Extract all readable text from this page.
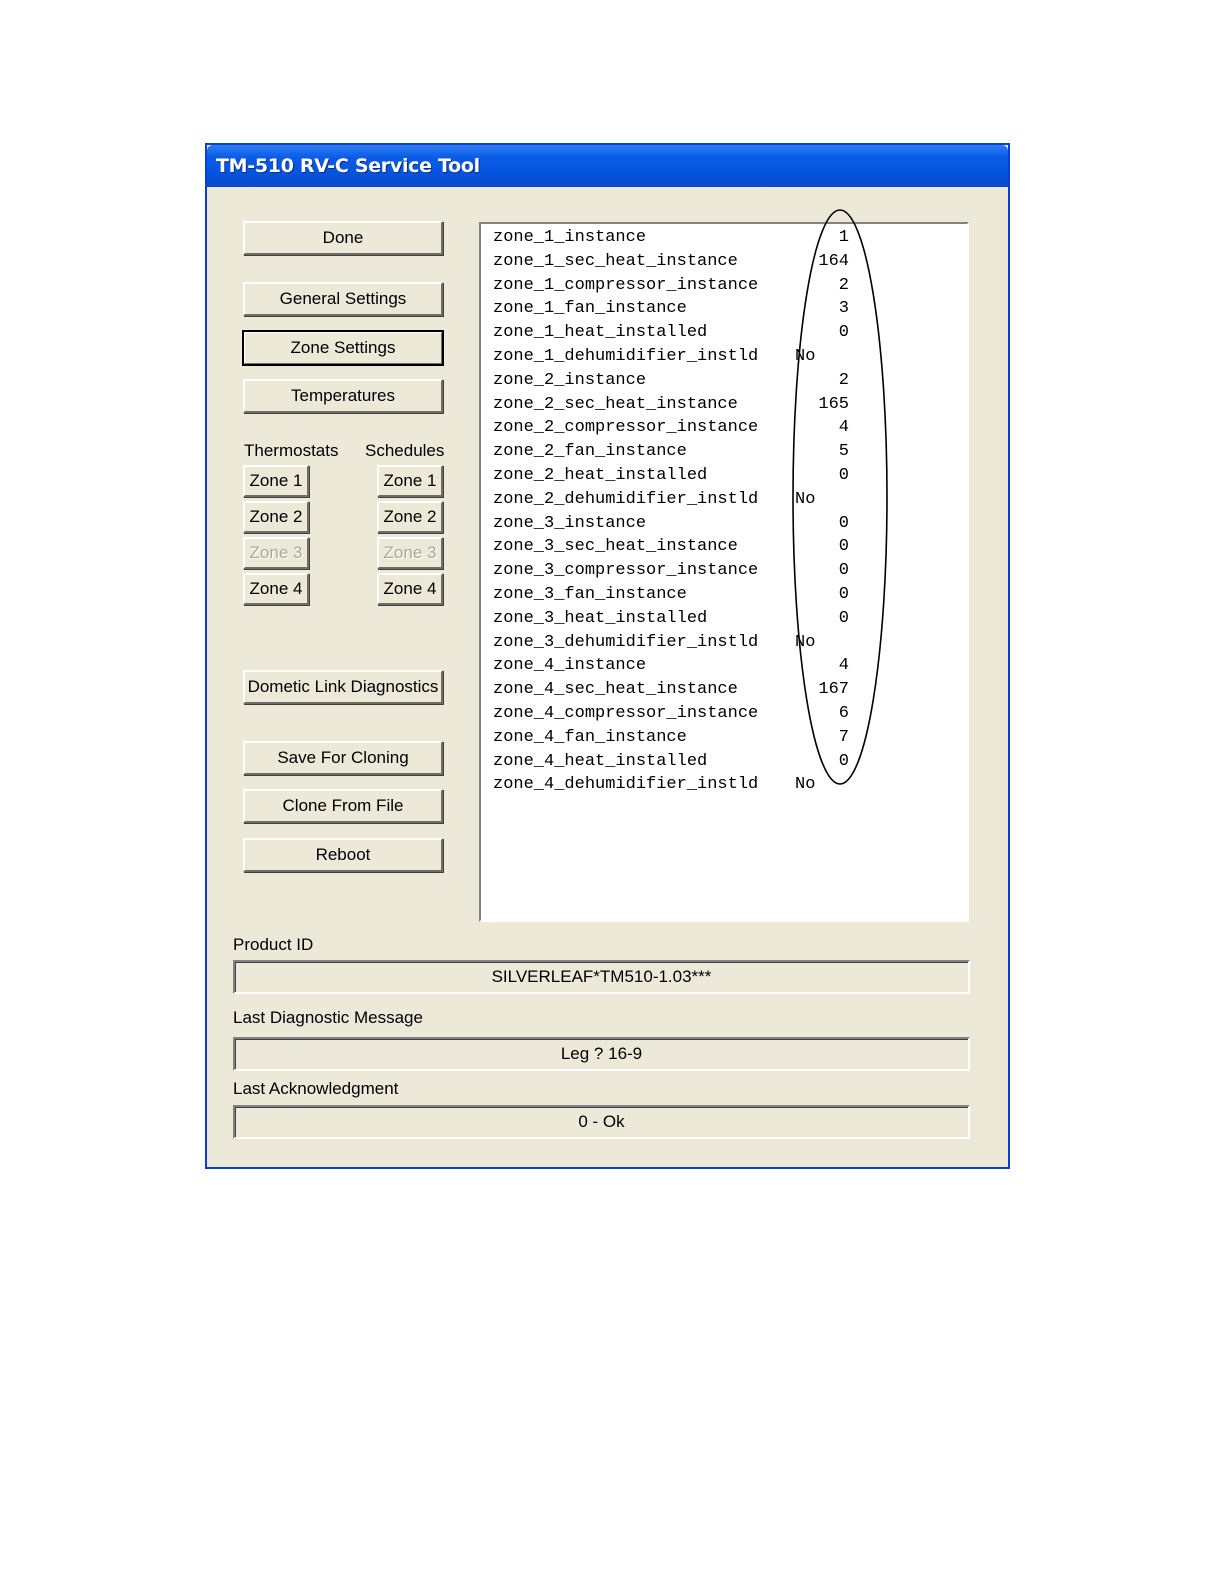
TM-510 RV-C Service Tool
Done
General Settings
Zone Settings
Temperatures
Thermostats Schedules
Zone 1
Zone 2
Zone 3
Zone 4
Zone 1
Zone 2
Zone 3
Zone 4
Dometic Link Diagnostics
Save For Cloning
Clone From File
Reboot
zone_1_instance	1
zone_1_sec_heat_instance	164
zone_1_compressor_instance	2
zone_1_fan_instance	3
zone_1_heat_installed	0
zone_1_dehumidifier_instld No
zone_2_instance	2
zone_2_sec_heat_instance	165
zone_2_compressor_instance	4
zone_2_fan_instance	5
zone_2_heat_installed	0
zone_2_dehumidifier_instld No
zone_3_instance	0
zone_3_sec_heat_instance	0
zone_3_compressor_instance	0
zone_3_fan_instance	0
zone_3_heat_installed	0
zone_3_dehumidifier_instld No
zone_4_instance	4
zone_4_sec_heat_instance	167
zone_4_compressor_instance	6
zone_4_fan_instance	7
zone_4_heat_installed	0
zone_4_dehumidifier_instld No
Product ID
SILVERLEAF*TM510-1.03***
Last Diagnostic Message
Leg ? 16-9
Last Acknowledgment
0 - Ok
